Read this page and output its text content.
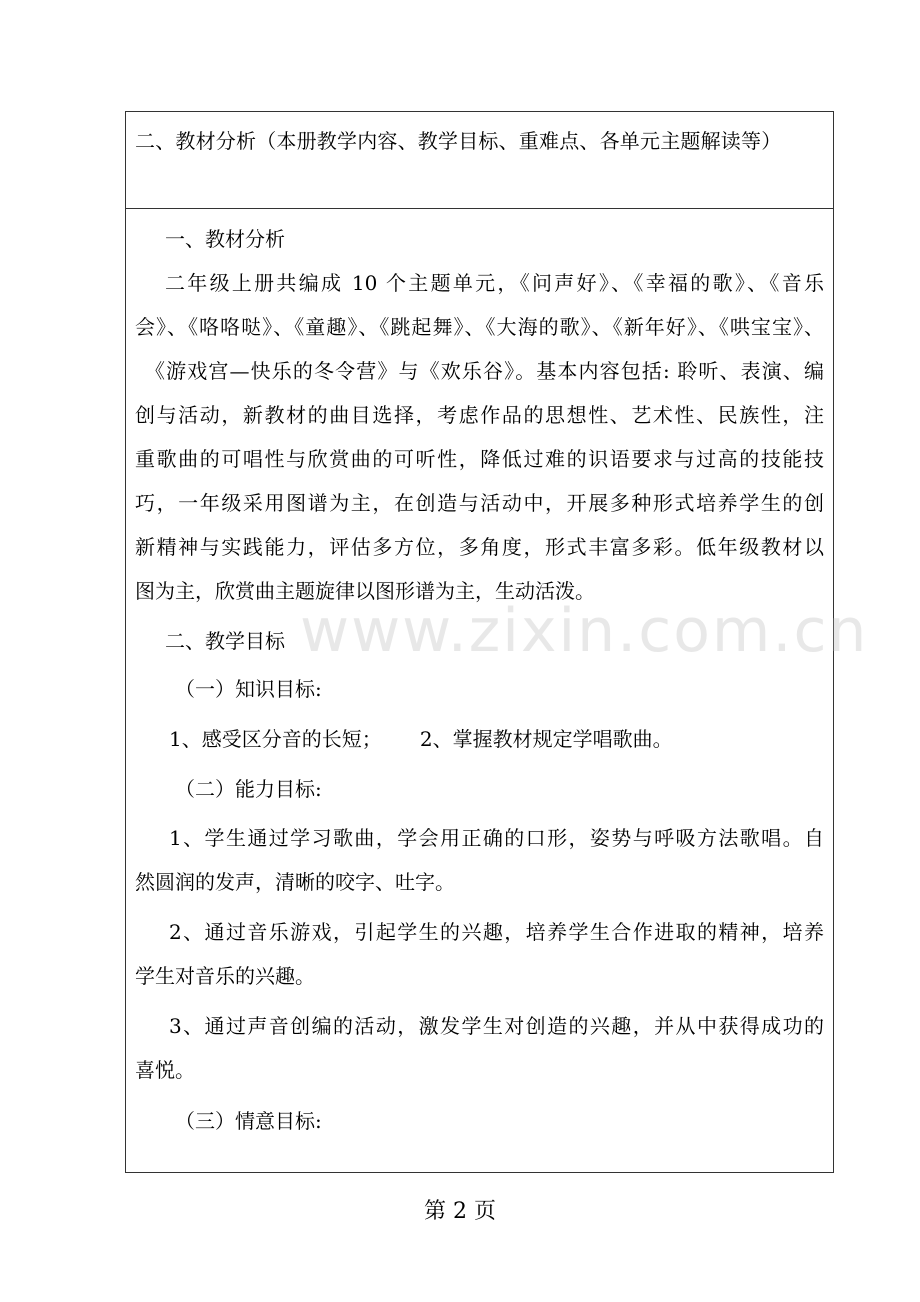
二、教材分析（本册教学内容、教学目标、重难点、各单元主题解读等）
一、教材分析
二年级上册共编成 10 个主题单元，《问声好》、《幸福的歌》、《音乐
会》、《咯咯哒》、《童趣》、《跳起舞》、《大海的歌》、《新年好》、《哄宝宝》、
《游戏宫—快乐的冬令营》与《欢乐谷》。基本内容包括: 聆听、表演、编
创与活动，新教材的曲目选择，考虑作品的思想性、艺术性、民族性，注
重歌曲的可唱性与欣赏曲的可听性，降低过难的识语要求与过高的技能技
巧，一年级采用图谱为主，在创造与活动中，开展多种形式培养学生的创
新精神与实践能力，评估多方位，多角度，形式丰富多彩。低年级教材以
图为主，欣赏曲主题旋律以图形谱为主，生动活泼。
二、教学目标
（一）知识目标:
1、感受区分音的长短；      2、掌握教材规定学唱歌曲。
（二）能力目标:
1、学生通过学习歌曲，学会用正确的口形，姿势与呼吸方法歌唱。自
然圆润的发声，清晰的咬字、吐字。
2、通过音乐游戏，引起学生的兴趣，培养学生合作进取的精神，培养
学生对音乐的兴趣。
3、通过声音创编的活动，激发学生对创造的兴趣，并从中获得成功的
喜悦。
（三）情意目标:
www.zixin.com.cn
第 2 页
